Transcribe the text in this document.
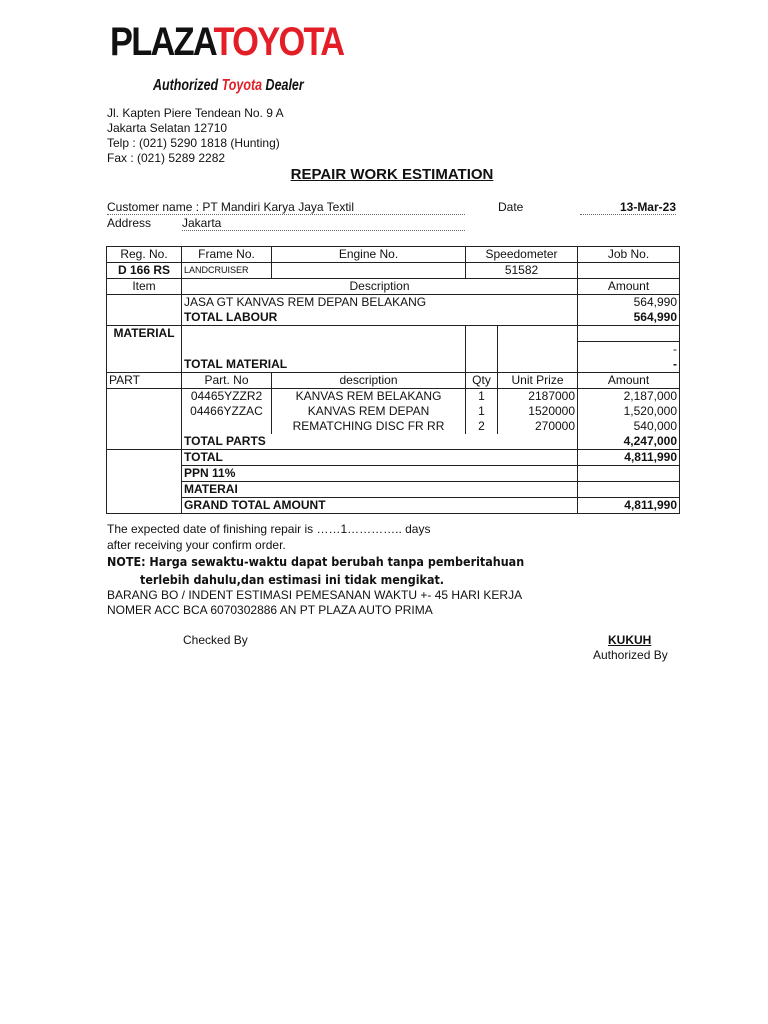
PLAZATOYOTA
Authorized Toyota Dealer
Jl. Kapten Piere Tendean No. 9 A
Jakarta Selatan 12710
Telp : (021) 5290 1818 (Hunting)
Fax : (021) 5289 2282
REPAIR WORK ESTIMATION
Customer name : PT Mandiri Karya Jaya Textil	Date	13-Mar-23
Address	Jakarta
Reg. No.	Frame No.	Engine No.	Speedometer		Job No.
D 166 RS	LANDCRUISER		51582		
Item	Description				Amount
	JASA GT KANVAS REM DEPAN BELAKANG				564,990
	TOTAL LABOUR				564,990
MATERIAL					
					-
	TOTAL MATERIAL				-
PART	Part. No	description	Qty	Unit Prize	Amount
	04465YZZR2	KANVAS REM BELAKANG	1	2187000	2,187,000
	04466YZZAC	KANVAS REM DEPAN	1	1520000	1,520,000
		REMATCHING DISC FR RR	2	270000	540,000
	TOTAL PARTS				4,247,000
	TOTAL				4,811,990
	PPN 11%				
	MATERAI				
	GRAND TOTAL AMOUNT				4,811,990
The expected date of finishing repair is ……1………….. days
after receiving your confirm order.
NOTE: Harga sewaktu-waktu dapat berubah tanpa pemberitahuan
terlebih dahulu,dan estimasi ini tidak mengikat.
BARANG BO / INDENT ESTIMASI PEMESANAN WAKTU +- 45 HARI KERJA
NOMER ACC BCA 6070302886 AN PT PLAZA AUTO PRIMA
Checked By	KUKUH
Authorized By
